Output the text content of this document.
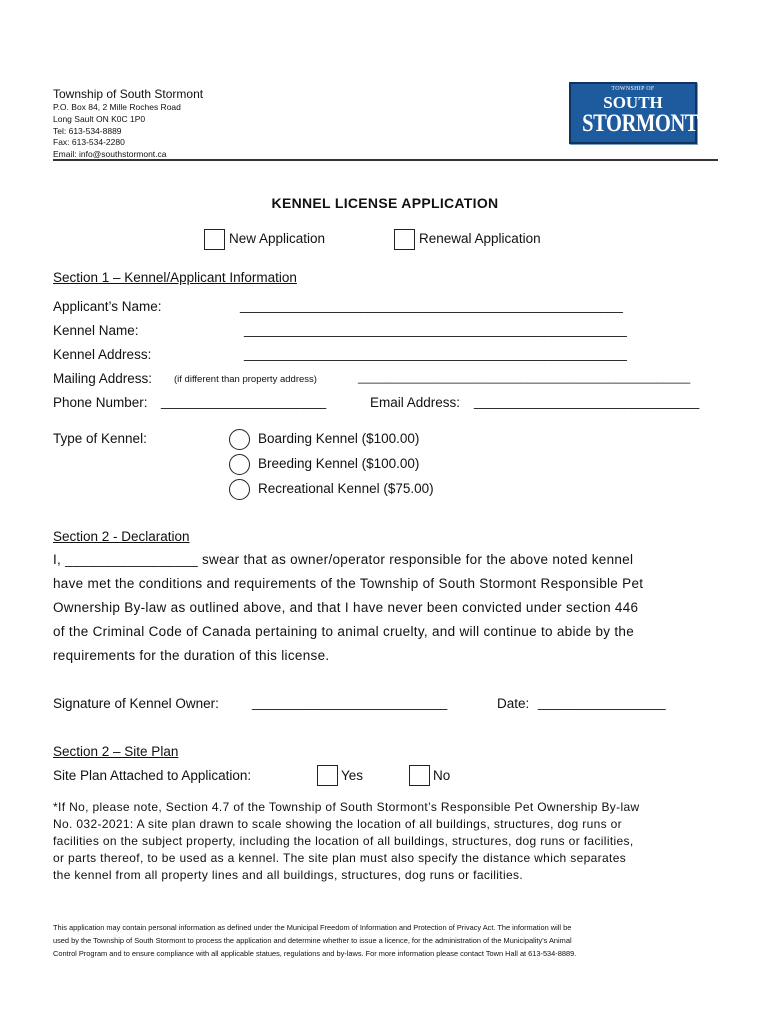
Township of South Stormont
P.O. Box 84, 2 Mille Roches Road
Long Sault ON K0C 1P0
Tel: 613-534-8889
Fax: 613-534-2280
Email: info@southstormont.ca
TOWNSHIP OF
SOUTH
STORMONT
KENNEL LICENSE APPLICATION
New Application	Renewal Application
Section 1 – Kennel/Applicant Information
Applicant’s Name:	___________________________________________________
Kennel Name:	___________________________________________________
Kennel Address:	___________________________________________________
Mailing Address: (if different than property address)	_________________________________________________
Phone Number: ______________________	Email Address: ______________________________
Type of Kennel:	Boarding Kennel ($100.00)
Breeding Kennel ($100.00)
Recreational Kennel ($75.00)
Section 2 - Declaration
I, _________________ swear that as owner/operator responsible for the above noted kennel
have met the conditions and requirements of the Township of South Stormont Responsible Pet
Ownership By-law as outlined above, and that I have never been convicted under section 446
of the Criminal Code of Canada pertaining to animal cruelty, and will continue to abide by the
requirements for the duration of this license.
Signature of Kennel Owner: __________________________	Date: _________________
Section 2 – Site Plan
Site Plan Attached to Application:	Yes	No
*If No, please note, Section 4.7 of the Township of South Stormont’s Responsible Pet Ownership By-law
No. 032-2021: A site plan drawn to scale showing the location of all buildings, structures, dog runs or
facilities on the subject property, including the location of all buildings, structures, dog runs or facilities,
or parts thereof, to be used as a kennel. The site plan must also specify the distance which separates
the kennel from all property lines and all buildings, structures, dog runs or facilities.
This application may contain personal information as defined under the Municipal Freedom of Information and Protection of Privacy Act. The information will be
used by the Township of South Stormont to process the application and determine whether to issue a licence, for the administration of the Municipality’s Animal
Control Program and to ensure compliance with all applicable statues, regulations and by-laws. For more information please contact Town Hall at 613-534-8889.
